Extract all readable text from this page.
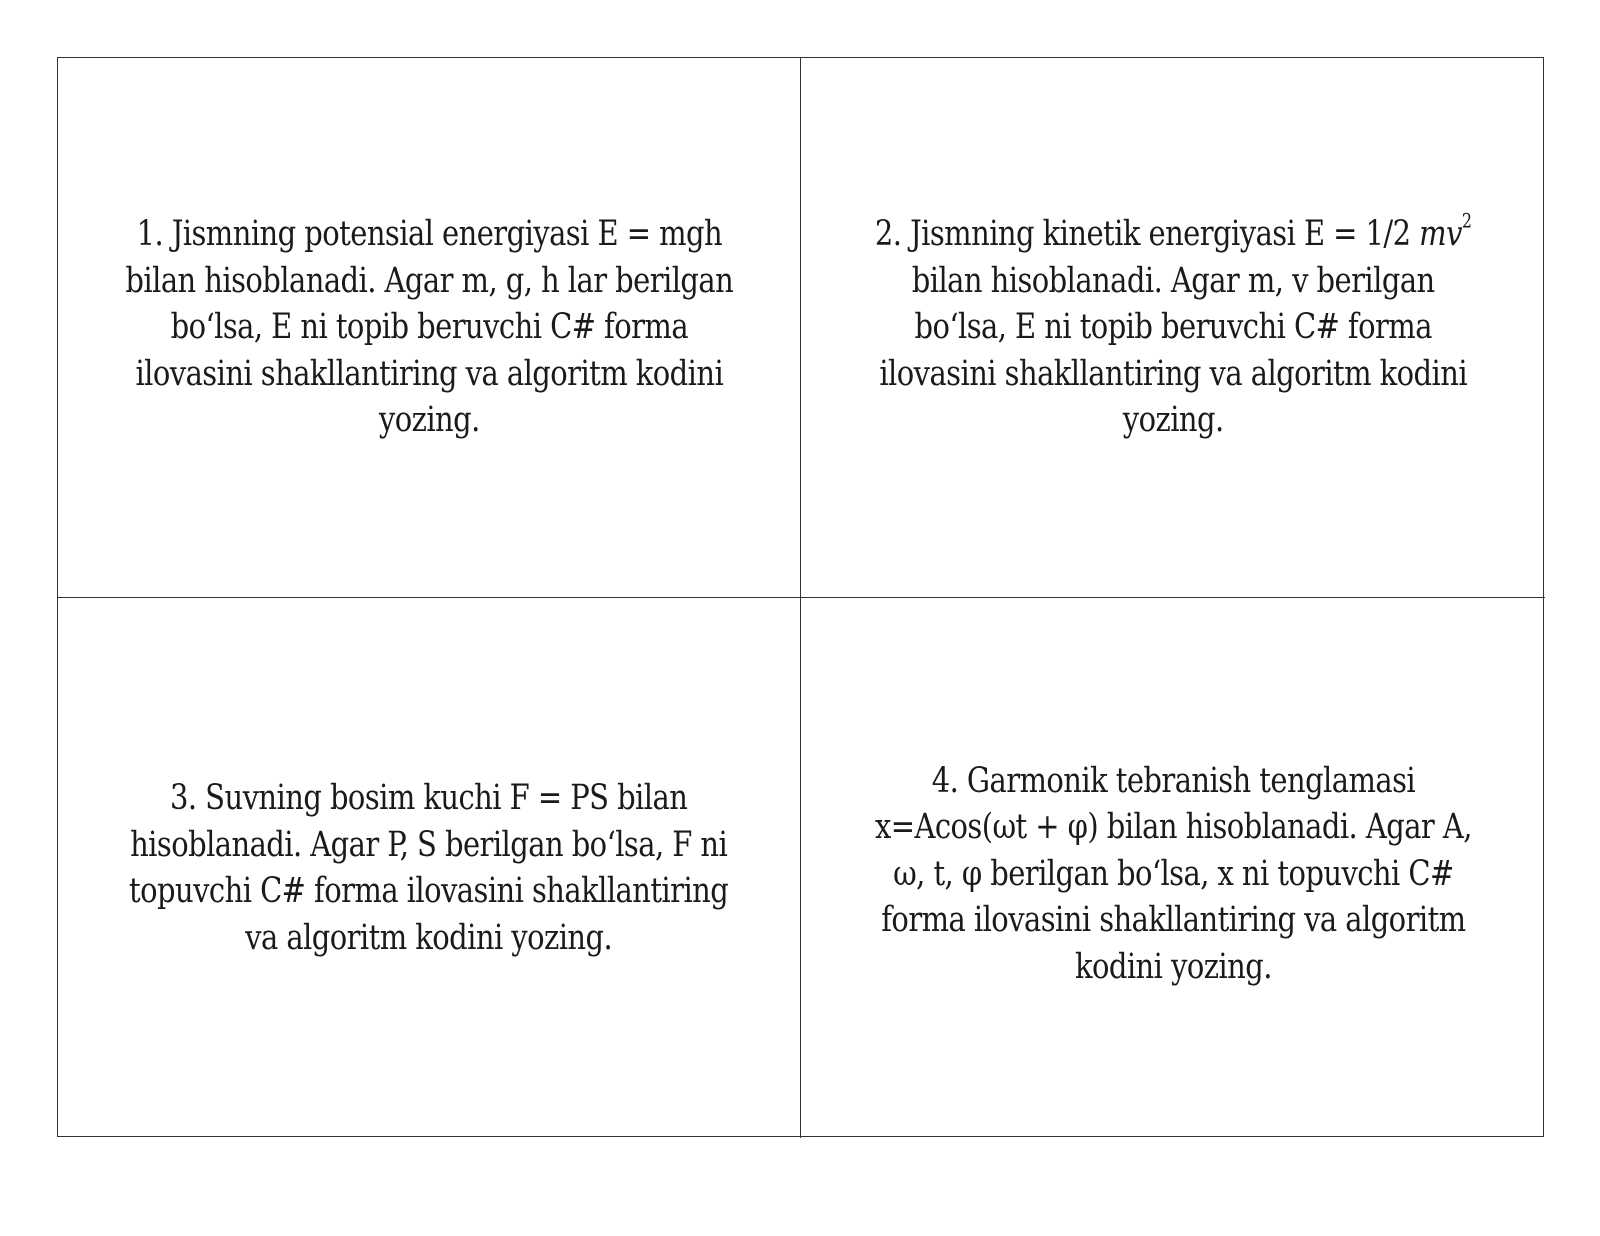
1. Jismning potensial energiyasi E = mgh
bilan hisoblanadi. Agar m, g, h lar berilgan
bo‘lsa, E ni topib beruvchi C# forma
ilovasini shakllantiring va algoritm kodini
yozing.
2. Jismning kinetik energiyasi E = 1/2 $mv^2$
bilan hisoblanadi. Agar m, v berilgan
bo‘lsa, E ni topib beruvchi C# forma
ilovasini shakllantiring va algoritm kodini
yozing.
3. Suvning bosim kuchi F = PS bilan
hisoblanadi. Agar P, S berilgan bo‘lsa, F ni
topuvchi C# forma ilovasini shakllantiring
va algoritm kodini yozing.
4. Garmonik tebranish tenglamasi
x=Acos(ωt + φ) bilan hisoblanadi. Agar A,
ω, t, φ berilgan bo‘lsa, x ni topuvchi C#
forma ilovasini shakllantiring va algoritm
kodini yozing.
